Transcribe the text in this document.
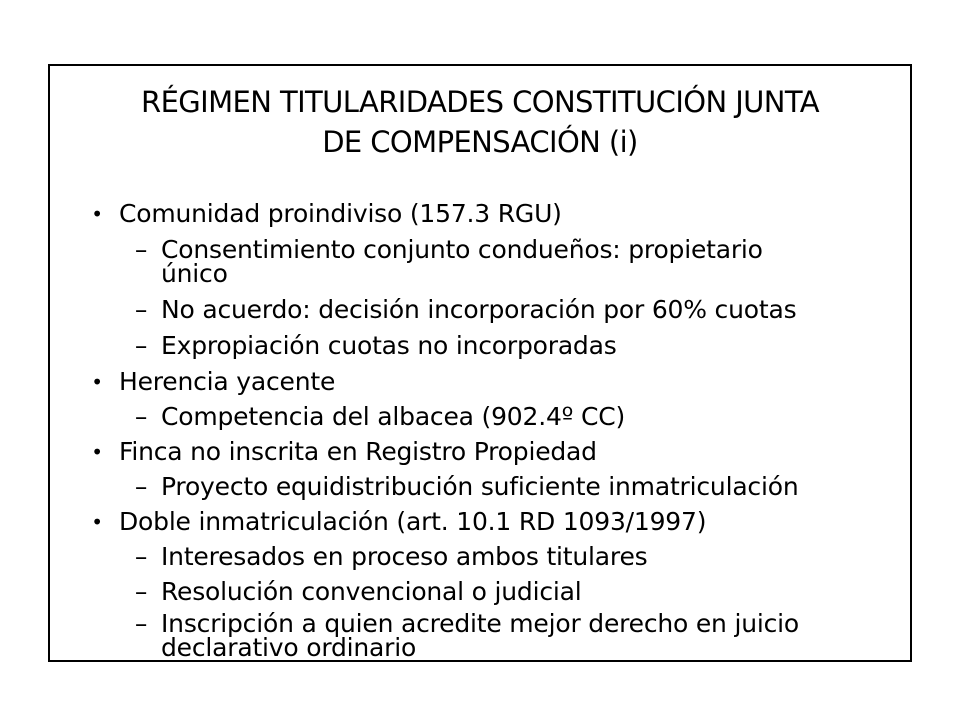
RÉGIMEN TITULARIDADES CONSTITUCIÓN JUNTA
DE COMPENSACIÓN (i)
• Comunidad proindiviso (157.3 RGU)
– Consentimiento conjunto condueños: propietario
único
– No acuerdo: decisión incorporación por 60% cuotas
– Expropiación cuotas no incorporadas
• Herencia yacente
– Competencia del albacea (902.4º CC)
• Finca no inscrita en Registro Propiedad
– Proyecto equidistribución suficiente inmatriculación
• Doble inmatriculación (art. 10.1 RD 1093/1997)
– Interesados en proceso ambos titulares
– Resolución convencional o judicial
– Inscripción a quien acredite mejor derecho en juicio
declarativo ordinario
